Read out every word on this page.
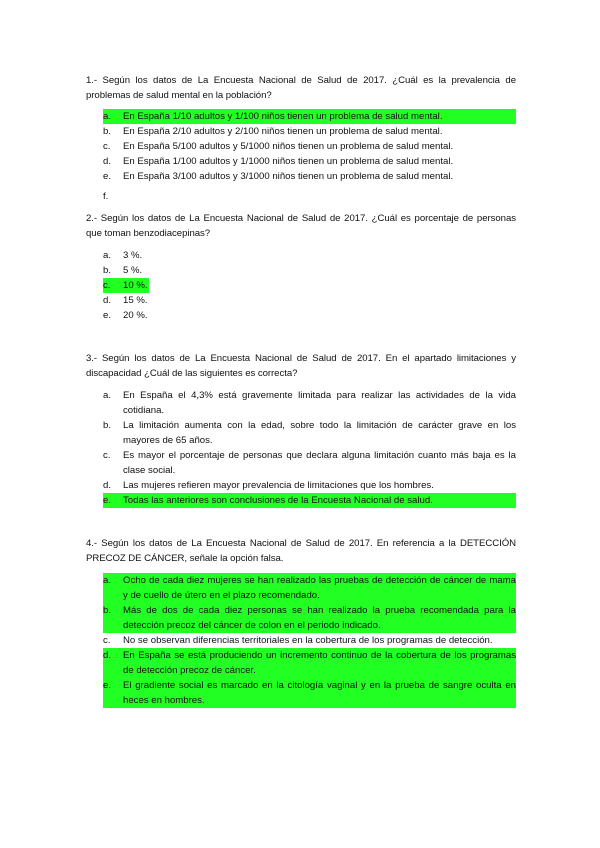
1.- Según los datos de La Encuesta Nacional de Salud de 2017. ¿Cuál es la prevalencia de problemas de salud mental en la población?
a.	En España 1/10 adultos y 1/100 niños tienen un problema de salud mental.
b.	En España 2/10 adultos y 2/100 niños tienen un problema de salud mental.
c.	En España 5/100 adultos y 5/1000 niños tienen un problema de salud mental.
d.	En España 1/100 adultos y 1/1000 niños tienen un problema de salud mental.
e.	En España 3/100 adultos y 3/1000 niños tienen un problema de salud mental.
f.
2.- Según los datos de La Encuesta Nacional de Salud de 2017. ¿Cuál es porcentaje de personas que toman benzodiacepinas?
a.	3 %.
b.	5 %.
c.	10 %.
d.	15 %.
e.	20 %.
3.- Según los datos de La Encuesta Nacional de Salud de 2017. En el apartado limitaciones y discapacidad ¿Cuál de las siguientes es correcta?
a.	En España el 4,3% está gravemente limitada para realizar las actividades de la vida cotidiana.
b.	La limitación aumenta con la edad, sobre todo la limitación de carácter grave en los mayores de 65 años.
c.	Es mayor el porcentaje de personas que declara alguna limitación cuanto más baja es la clase social.
d.	Las mujeres refieren mayor prevalencia de limitaciones que los hombres.
e.	Todas las anteriores son conclusiones de la Encuesta Nacional de salud.
4.- Según los datos de La Encuesta Nacional de Salud de 2017. En referencia a la DETECCIÓN PRECOZ DE CÁNCER, señale la opción falsa.
a.	Ocho de cada diez mujeres se han realizado las pruebas de detección de cáncer de mama y de cuello de útero en el plazo recomendado.
b.	Más de dos de cada diez personas se han realizado la prueba recomendada para la detección precoz del cáncer de colon en el periodo indicado.
c.	No se observan diferencias territoriales en la cobertura de los programas de detección.
d.	En España se está produciendo un incremento continuo de la cobertura de los programas de detección precoz de cáncer.
e.	El gradiente social es marcado en la citología vaginal y en la prueba de sangre oculta en heces en hombres.
